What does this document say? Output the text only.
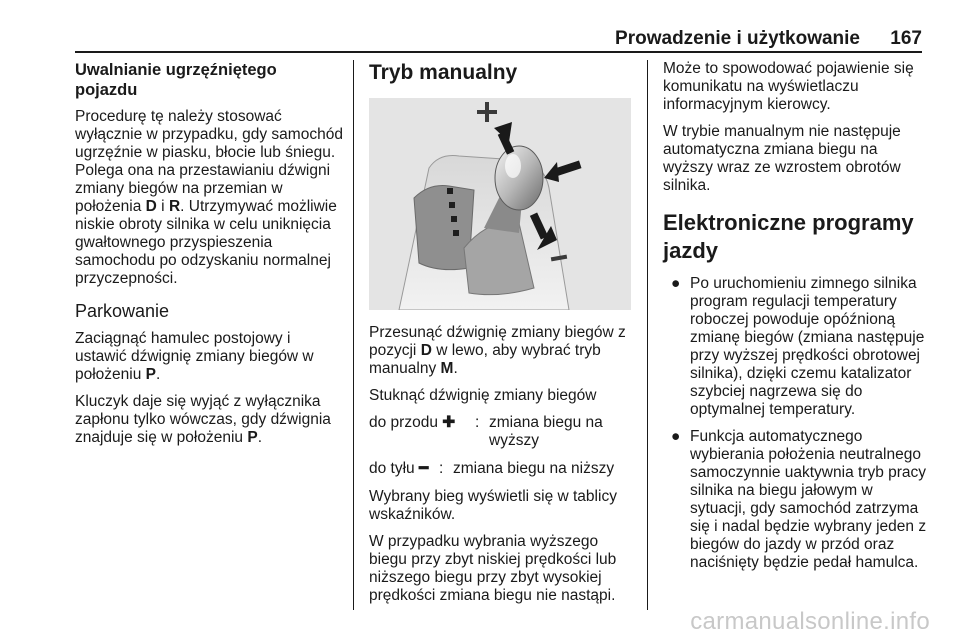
Prowadzenie i użytkowanie 167
Uwalnianie ugrzęźniętego pojazdu

Procedurę tę należy stosować wyłącznie w przypadku, gdy samochód ugrzęźnie w piasku, błocie lub śniegu. Polega ona na przestawianiu dźwigni zmiany biegów na przemian w położenia D i R. Utrzymywać możliwie niskie obroty silnika w celu uniknięcia gwałtownego przyspieszenia samochodu po odzyskaniu normalnej przyczepności.

Parkowanie

Zaciągnąć hamulec postojowy i ustawić dźwignię zmiany biegów w położeniu P.

Kluczyk daje się wyjąć z wyłącznika zapłonu tylko wówczas, gdy dźwignia znajduje się w położeniu P.

Tryb manualny

Przesunąć dźwignię zmiany biegów z pozycji D w lewo, aby wybrać tryb manualny M.

Stuknąć dźwignię zmiany biegów

do przodu ✚	: zmiana biegu na wyższy
do tyłu ━ : zmiana biegu na niższy

Wybrany bieg wyświetli się w tablicy wskaźników.

W przypadku wybrania wyższego biegu przy zbyt niskiej prędkości lub niższego biegu przy zbyt wysokiej prędkości zmiana biegu nie nastąpi.

Może to spowodować pojawienie się komunikatu na wyświetlaczu informacyjnym kierowcy.

W trybie manualnym nie następuje automatyczna zmiana biegu na wyższy wraz ze wzrostem obrotów silnika.

Elektroniczne programy jazdy
● Po uruchomieniu zimnego silnika program regulacji temperatury roboczej powoduje opóźnioną zmianę biegów (zmiana następuje przy wyższej prędkości obrotowej silnika), dzięki czemu katalizator szybciej nagrzewa się do optymalnej temperatury.
● Funkcja automatycznego wybierania położenia neutralnego samoczynnie uaktywnia tryb pracy silnika na biegu jałowym w sytuacji, gdy samochód zatrzyma się i nadal będzie wybrany jeden z biegów do jazdy w przód oraz naciśnięty będzie pedał hamulca.
carmanualsonline.info
